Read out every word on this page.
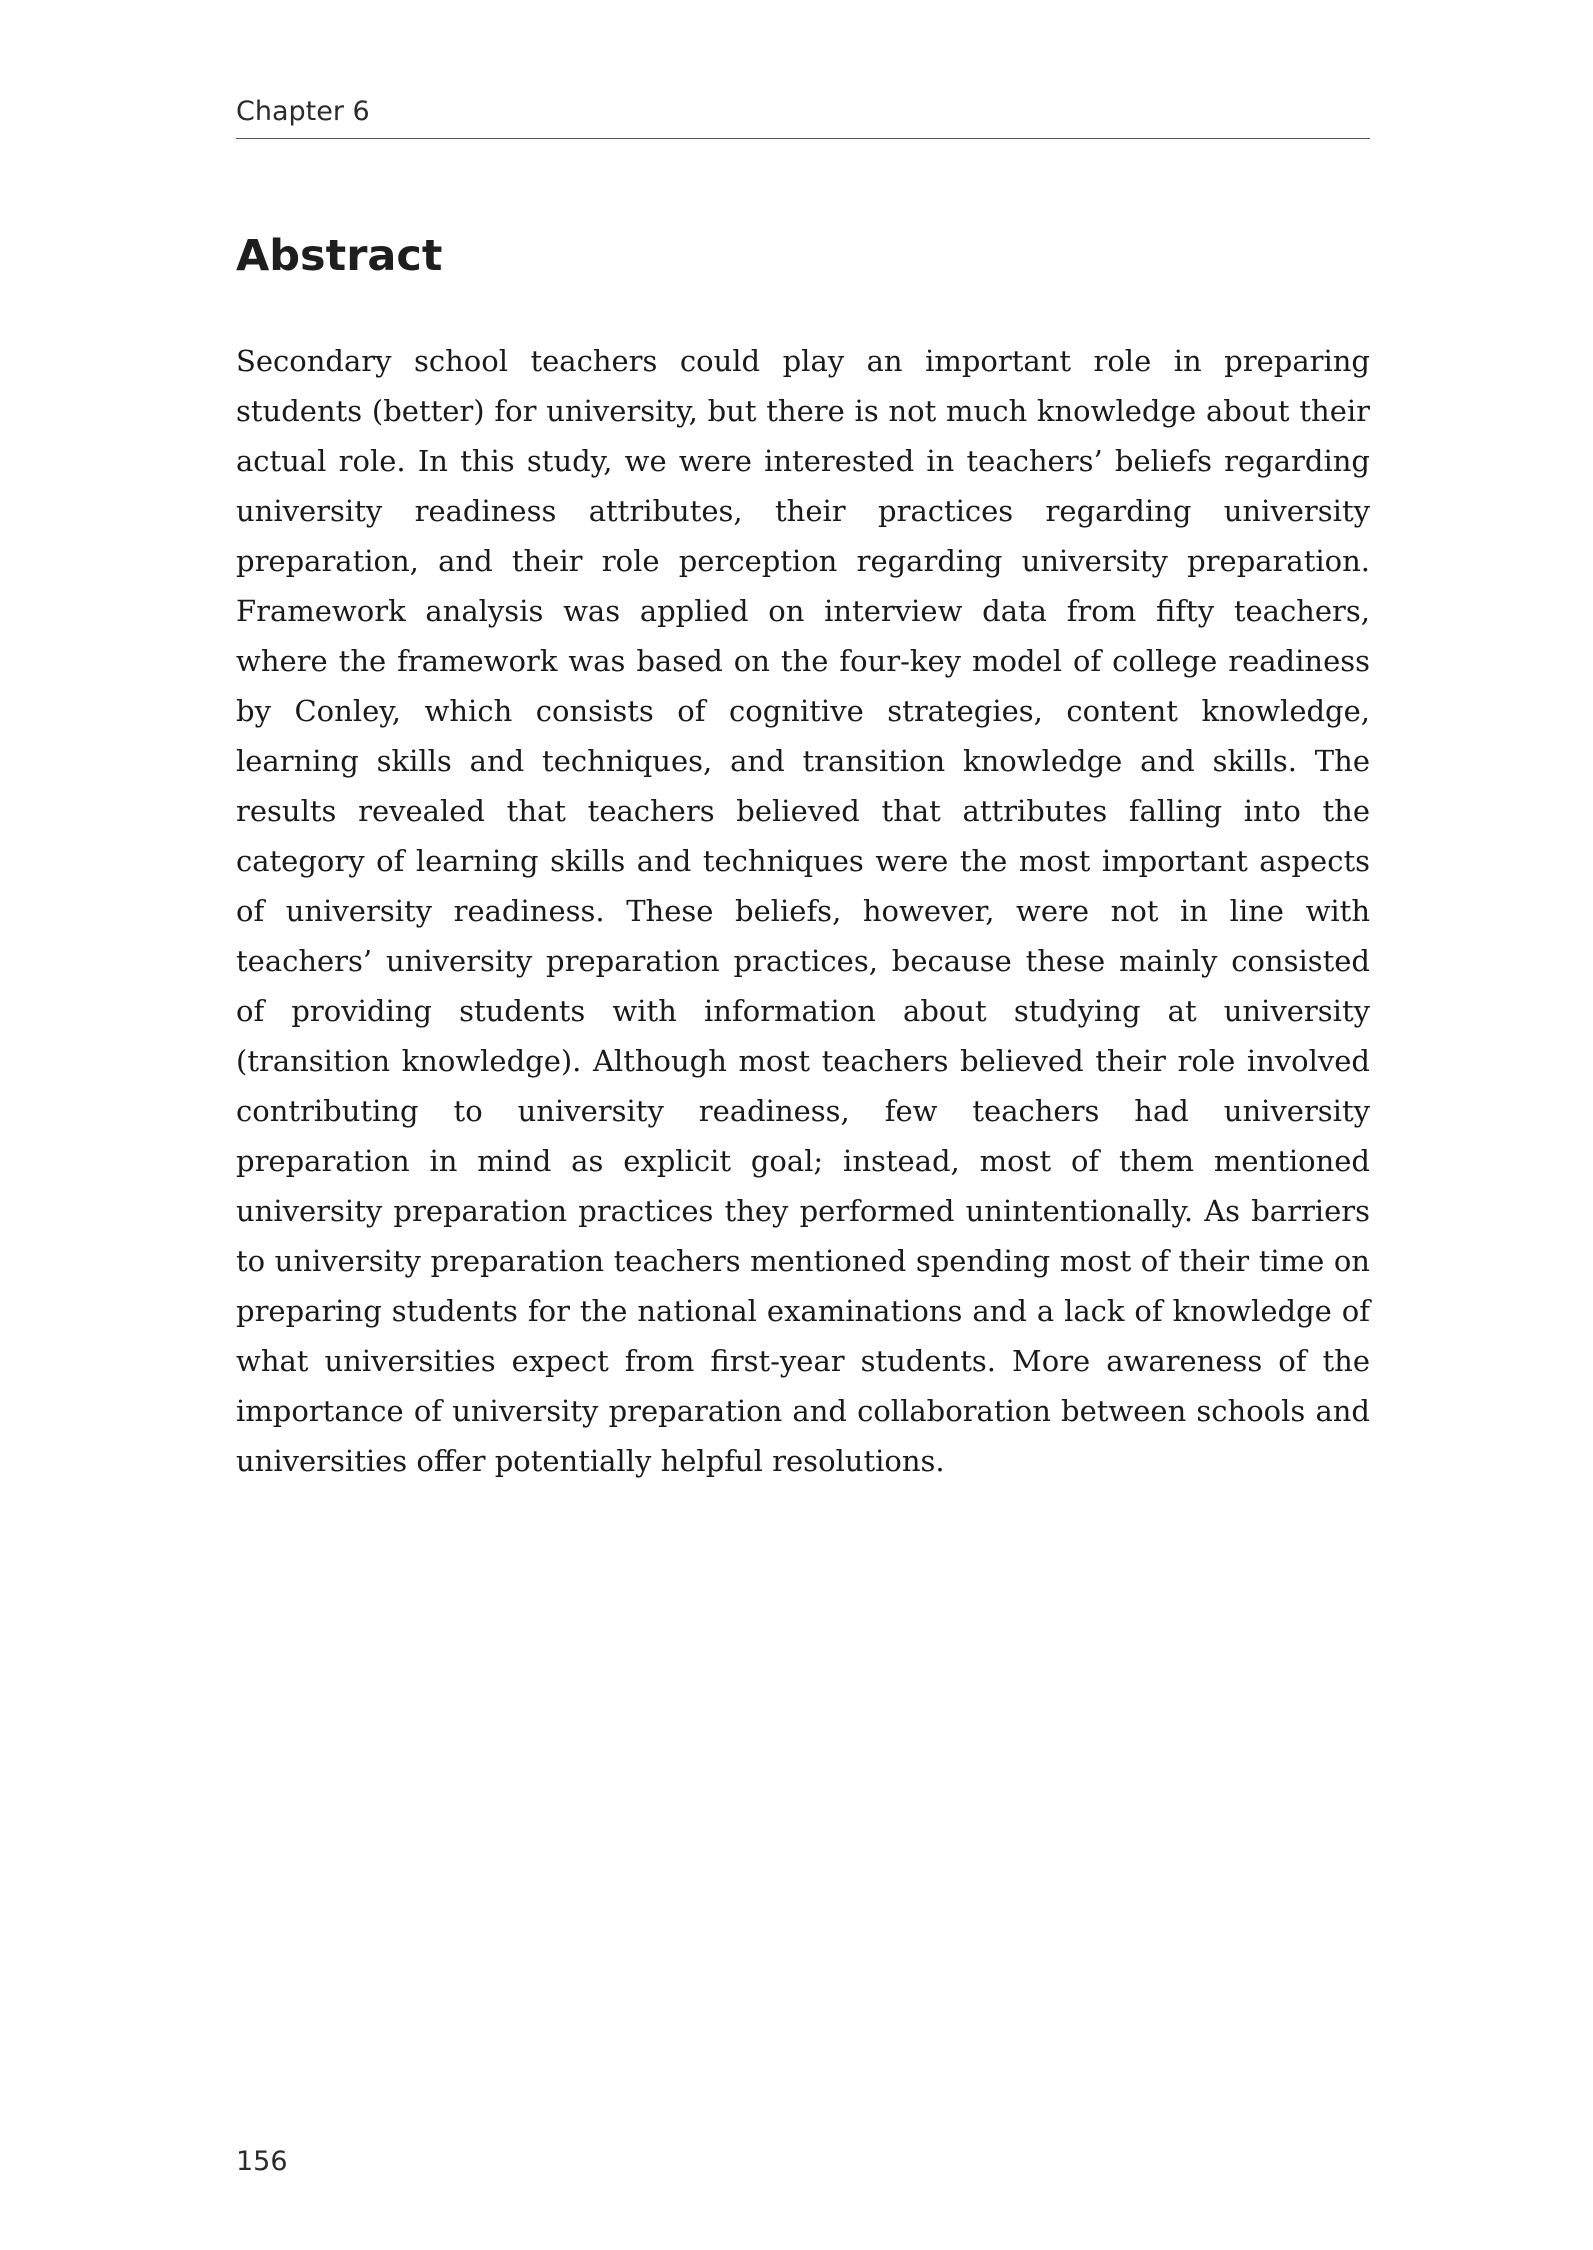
Chapter 6
Abstract

Secondary school teachers could play an important role in preparing students (better) for university, but there is not much knowledge about their actual role. In this study, we were interested in teachers’ beliefs regarding university readiness attributes, their practices regarding university preparation, and their role perception regarding university preparation. Framework analysis was applied on interview data from fifty teachers, where the framework was based on the four-key model of college readiness by Conley, which consists of cognitive strategies, content knowledge, learning skills and techniques, and transition knowledge and skills. The results revealed that teachers believed that attributes falling into the category of learning skills and techniques were the most important aspects of university readiness. These beliefs, however, were not in line with teachers’ university preparation practices, because these mainly consisted of providing students with information about studying at university (transition knowledge). Although most teachers believed their role involved contributing to university readiness, few teachers had university preparation in mind as explicit goal; instead, most of them mentioned university preparation practices they performed unintentionally. As barriers to university preparation teachers mentioned spending most of their time on preparing students for the national examinations and a lack of knowledge of what universities expect from first-year students. More awareness of the importance of university preparation and collaboration between schools and universities offer potentially helpful resolutions.

156
